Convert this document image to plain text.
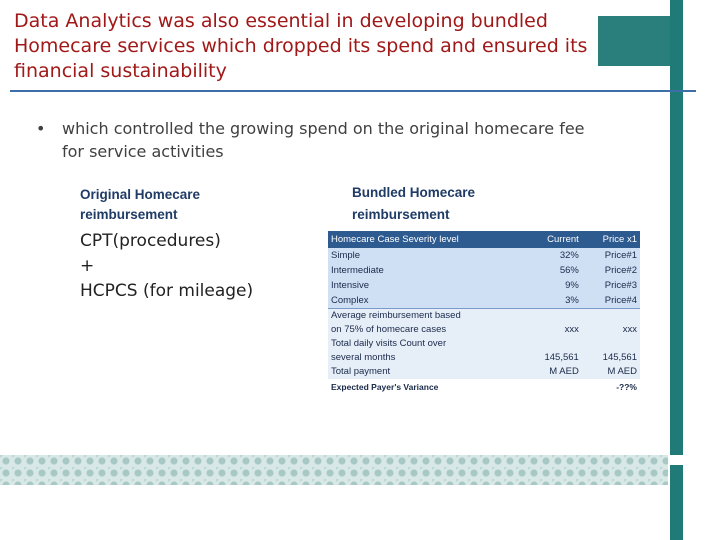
Data Analytics was also essential in developing bundled Homecare services which dropped its spend and ensured its financial sustainability
•	which controlled the growing spend on the original homecare fee for service activities
Original Homecare
reimbursement
CPT(procedures)
+
HCPCS (for mileage)
Bundled Homecare
reimbursement
Homecare Case Severity level	Current	Price x1
Simple	32%	Price#1
Intermediate	56%	Price#2
Intensive	9%	Price#3
Complex	3%	Price#4
Average reimbursement based		
on 75% of homecare cases	xxx	xxx
Total daily visits Count over		
several months	145,561	145,561
Total payment	M AED	M AED
Expected Payer's Variance		-??%
